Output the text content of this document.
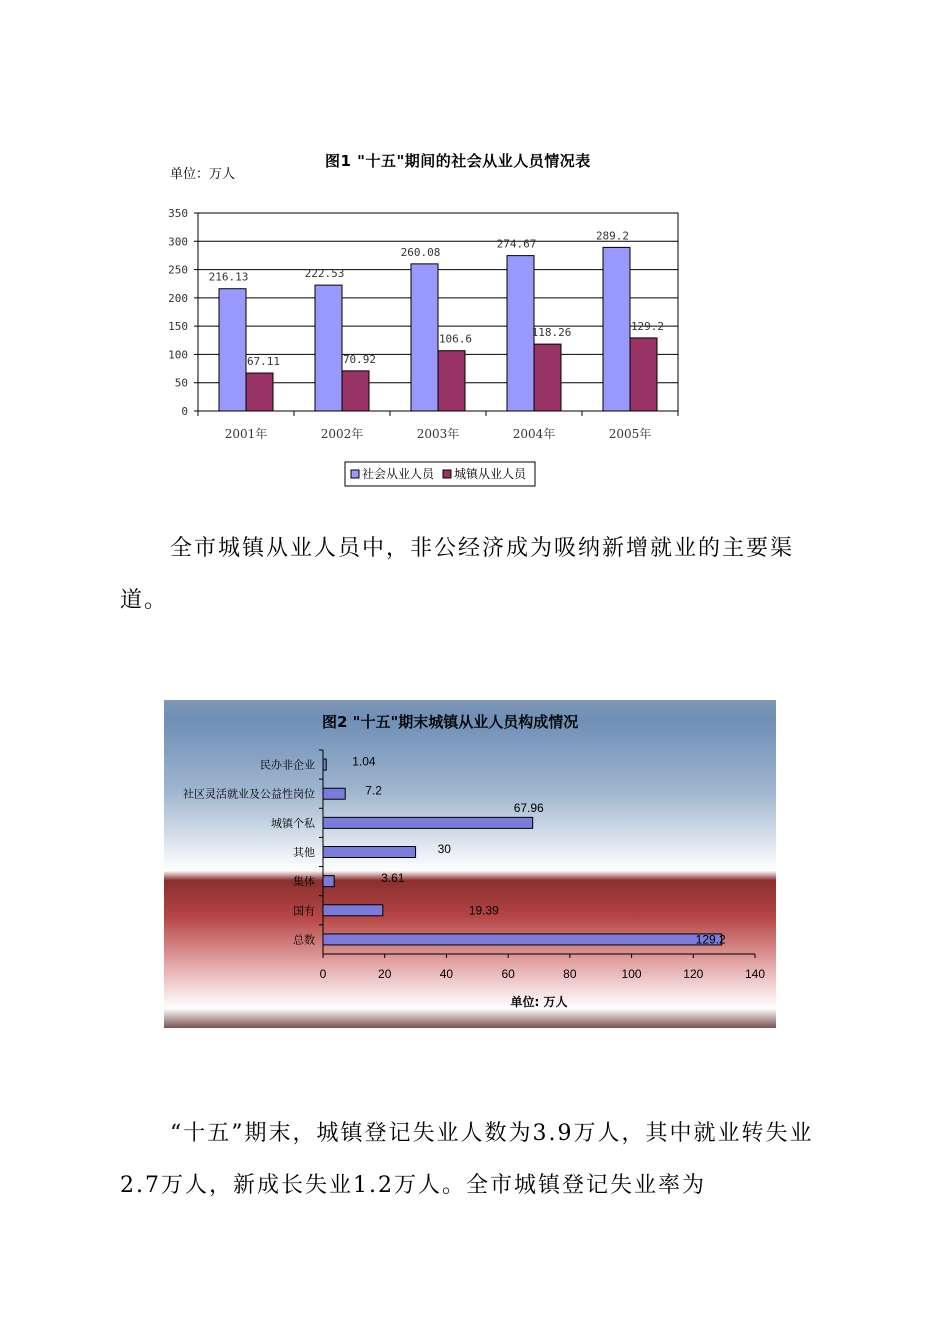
图1 "十五"期间的社会从业人员情况表
单位：万人
0
50
100
150
200
250
300
350
2001年
216.13
67.11
2002年
222.53
70.92
2003年
260.08
106.6
2004年
274.67
118.26
2005年
289.2
129.2
社会从业人员 城镇从业人员
全市城镇从业人员中，非公经济成为吸纳新增就业的主要渠道。
图2 "十五"期末城镇从业人员构成情况
0	20	40	60	80	100	120	140
单位: 万人
民办非企业	1.04
社区灵活就业及公益性岗位	7.2
城镇个私
67.96
其他	30
集体	3.61
国有	19.39
总数	129.2
“十五”期末，城镇登记失业人数为3.9万人，其中就业转失业2.7万人，新成长失业1.2万人。全市城镇登记失业率为
